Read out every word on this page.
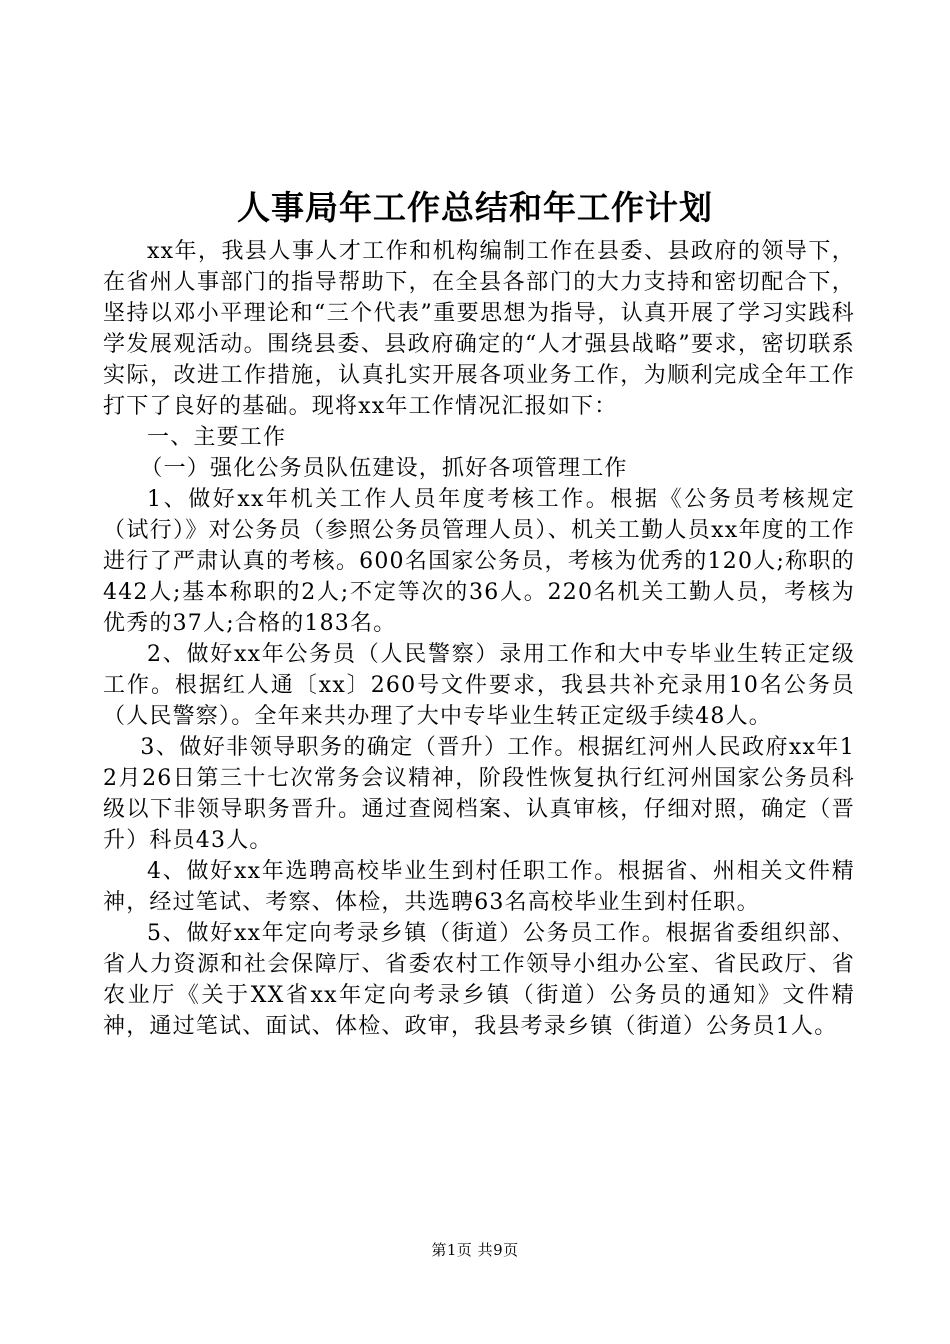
人事局年工作总结和年工作计划

xx年，我县人事人才工作和机构编制工作在县委、县政府的领导下，在省州人事部门的指导帮助下，在全县各部门的大力支持和密切配合下，坚持以邓小平理论和“三个代表”重要思想为指导，认真开展了学习实践科学发展观活动。围绕县委、县政府确定的“人才强县战略”要求，密切联系实际，改进工作措施，认真扎实开展各项业务工作，为顺利完成全年工作打下了良好的基础。现将xx年工作情况汇报如下：

一、主要工作

（一）强化公务员队伍建设，抓好各项管理工作

1、做好xx年机关工作人员年度考核工作。根据《公务员考核规定（试行）》对公务员（参照公务员管理人员）、机关工勤人员xx年度的工作进行了严肃认真的考核。600名国家公务员，考核为优秀的120人;称职的442人;基本称职的2人;不定等次的36人。220名机关工勤人员，考核为优秀的37人;合格的183名。

2、做好xx年公务员（人民警察）录用工作和大中专毕业生转正定级工作。根据红人通〔xx〕260号文件要求，我县共补充录用10名公务员（人民警察）。全年来共办理了大中专毕业生转正定级手续48人。

3、做好非领导职务的确定（晋升）工作。根据红河州人民政府xx年12月26日第三十七次常务会议精神，阶段性恢复执行红河州国家公务员科级以下非领导职务晋升。通过查阅档案、认真审核，仔细对照，确定（晋升）科员43人。

4、做好xx年选聘高校毕业生到村任职工作。根据省、州相关文件精神，经过笔试、考察、体检，共选聘63名高校毕业生到村任职。

5、做好xx年定向考录乡镇（街道）公务员工作。根据省委组织部、省人力资源和社会保障厅、省委农村工作领导小组办公室、省民政厅、省农业厅《关于XX省xx年定向考录乡镇（街道）公务员的通知》文件精神，通过笔试、面试、体检、政审，我县考录乡镇（街道）公务员1人。

第1页 共9页
